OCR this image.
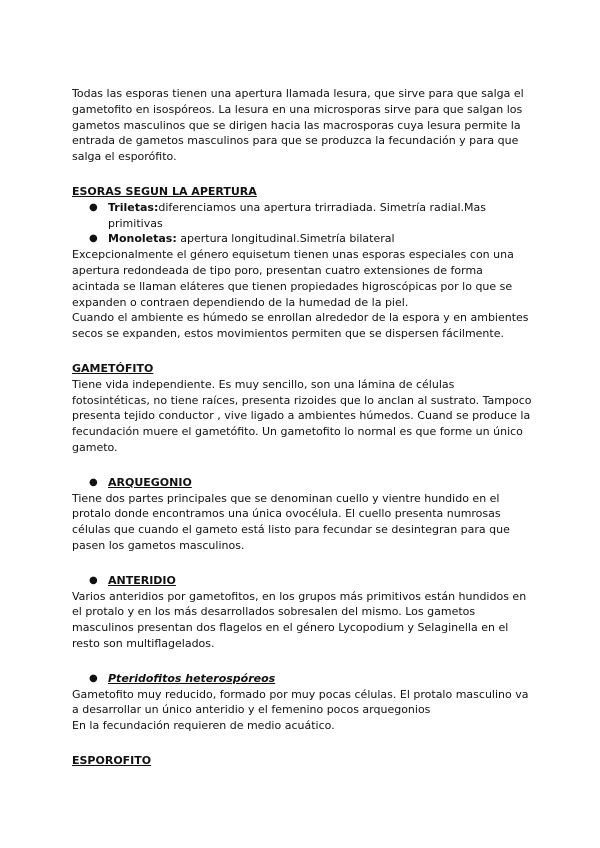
Todas las esporas tienen una apertura llamada lesura, que sirve para que salga el gametofito en isospóreos. La lesura en una microsporas sirve para que salgan los gametos masculinos que se dirigen hacia las macrosporas cuya lesura permite la entrada de gametos masculinos para que se produzca la fecundación y para que salga el esporófito.

ESORAS SEGUN LA APERTURA

● Triletas:diferenciamos una apertura trirradiada. Simetría radial.Mas primitivas
● Monoletas: apertura longitudinal.Simetría bilateral

Excepcionalmente el género equisetum tienen unas esporas especiales con una apertura redondeada de tipo poro, presentan cuatro extensiones de forma acintada se llaman eláteres que tienen propiedades higroscópicas por lo que se expanden o contraen dependiendo de la humedad de la piel.

Cuando el ambiente es húmedo se enrollan alrededor de la espora y en ambientes secos se expanden, estos movimientos permiten que se dispersen fácilmente.

GAMETÓFITO

Tiene vida independiente. Es muy sencillo, son una lámina de células fotosintéticas, no tiene raíces, presenta rizoides que lo anclan al sustrato. Tampoco presenta tejido conductor , vive ligado a ambientes húmedos. Cuand se produce la fecundación muere el gametófito. Un gametofito lo normal es que forme un único gameto.

● ARQUEGONIO

Tiene dos partes principales que se denominan cuello y vientre hundido en el protalo donde encontramos una única ovocélula. El cuello presenta numrosas células que cuando el gameto está listo para fecundar se desintegran para que pasen los gametos masculinos.

● ANTERIDIO

Varios anteridios por gametofitos, en los grupos más primitivos están hundidos en el protalo y en los más desarrollados sobresalen del mismo. Los gametos masculinos presentan dos flagelos en el género Lycopodium y Selaginella en el resto son multiflagelados.

● Pteridofitos heterospóreos

Gametofito muy reducido, formado por muy pocas células. El protalo masculino va a desarrollar un único anteridio y el femenino pocos arquegonios

En la fecundación requieren de medio acuático.

ESPOROFITO
